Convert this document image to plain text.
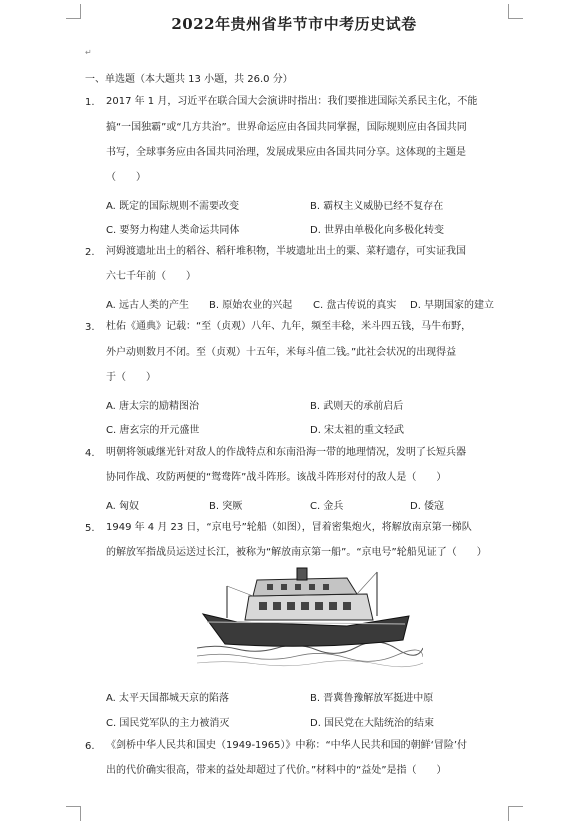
2022年贵州省毕节市中考历史试卷
↵
一、单选题（本大题共 13 小题，共 26.0 分）
1. 2017 年 1 月，习近平在联合国大会演讲时指出：我们要推进国际关系民主化，不能
搞“一国独霸”或“几方共治”。世界命运应由各国共同掌握，国际规则应由各国共同
书写，全球事务应由各国共同治理，发展成果应由各国共同分享。这体现的主题是
（　　）
A. 既定的国际规则不需要改变	B. 霸权主义威胁已经不复存在
C. 要努力构建人类命运共同体	D. 世界由单极化向多极化转变
2. 河姆渡遗址出土的稻谷、稻秆堆积物，半坡遗址出土的粟、菜籽遗存，可实证我国
六七千年前（　　）
A. 远古人类的产生 B. 原始农业的兴起 C. 盘古传说的真实 D. 早期国家的建立
3. 杜佑《通典》记载：“至（贞观）八年、九年，频至丰稔，米斗四五钱，马牛布野，
外户动则数月不闭。至（贞观）十五年，米每斗值二钱。”此社会状况的出现得益
于（　　）
A. 唐太宗的励精图治	B. 武则天的承前启后
C. 唐玄宗的开元盛世	D. 宋太祖的重文轻武
4. 明朝将领戚继光针对敌人的作战特点和东南沿海一带的地理情况，发明了长短兵器
协同作战、攻防两便的“鸳鸯阵”战斗阵形。该战斗阵形对付的敌人是（　　）
A. 匈奴	B. 突厥	C. 金兵	D. 倭寇
5. 1949 年 4 月 23 日，“京电号”轮船（如图），冒着密集炮火，将解放南京第一梯队
的解放军指战员运送过长江，被称为“解放南京第一船”。“京电号”轮船见证了（　　）
A. 太平天国都城天京的陷落	B. 晋冀鲁豫解放军挺进中原
C. 国民党军队的主力被消灭	D. 国民党在大陆统治的结束
6. 《剑桥中华人民共和国史（1949-1965）》中称：“中华人民共和国的朝鲜‘冒险’付
出的代价确实很高，带来的益处却超过了代价。”材料中的“益处”是指（　　）
